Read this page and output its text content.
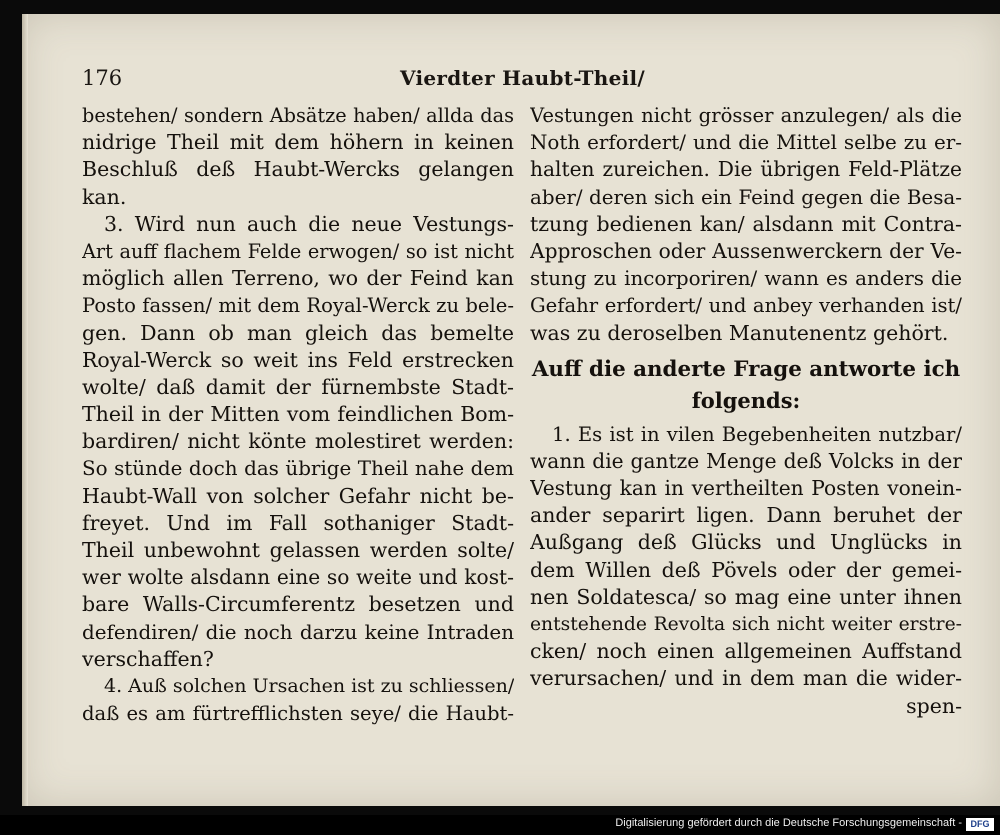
176	Vierdter Haubt-Theil/
bestehen/ sondern Absätze haben/ allda das
nidrige Theil mit dem höhern in keinen
Beschluß deß Haubt-Wercks gelangen
kan.
3. Wird nun auch die neue Vestungs-
Art auff flachem Felde erwogen/ so ist nicht
möglich allen Terreno, wo der Feind kan
Posto fassen/ mit dem Royal-Werck zu bele-
gen. Dann ob man gleich das bemelte
Royal-Werck so weit ins Feld erstrecken
wolte/ daß damit der fürnembste Stadt-
Theil in der Mitten vom feindlichen Bom-
bardiren/ nicht könte molestiret werden:
So stünde doch das übrige Theil nahe dem
Haubt-Wall von solcher Gefahr nicht be-
freyet. Und im Fall sothaniger Stadt-
Theil unbewohnt gelassen werden solte/
wer wolte alsdann eine so weite und kost-
bare Walls-Circumferentz besetzen und
defendiren/ die noch darzu keine Intraden
verschaffen?
4. Auß solchen Ursachen ist zu schliessen/
daß es am fürtrefflichsten seye/ die Haubt-
Vestungen nicht grösser anzulegen/ als die
Noth erfordert/ und die Mittel selbe zu er-
halten zureichen. Die übrigen Feld-Plätze
aber/ deren sich ein Feind gegen die Besa-
tzung bedienen kan/ alsdann mit Contra-
Approschen oder Aussenwerckern der Ve-
stung zu incorporiren/ wann es anders die
Gefahr erfordert/ und anbey verhanden ist/
was zu deroselben Manutenentz gehört.
Auff die anderte Frage antworte ich
folgends:
1. Es ist in vilen Begebenheiten nutzbar/
wann die gantze Menge deß Volcks in der
Vestung kan in vertheilten Posten vonein-
ander separirt ligen. Dann beruhet der
Außgang deß Glücks und Unglücks in
dem Willen deß Pövels oder der gemei-
nen Soldatesca/ so mag eine unter ihnen
entstehende Revolta sich nicht weiter erstre-
cken/ noch einen allgemeinen Auffstand
verursachen/ und in dem man die wider-
spen-
Digitalisierung gefördert durch die Deutsche Forschungsgemeinschaft - DFG
